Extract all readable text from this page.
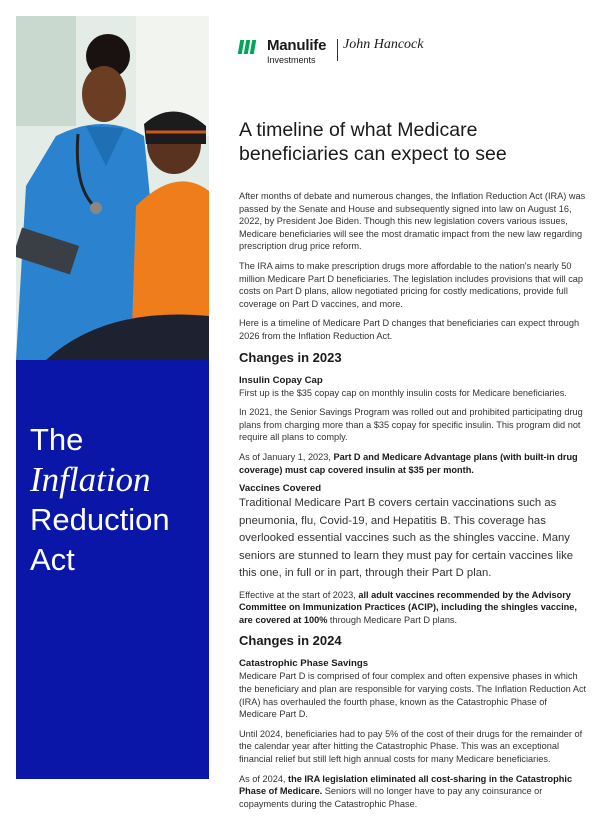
The
Inflation
Reduction
Act
Manulife
Investments
John Hancock
A timeline of what Medicare
beneficiaries can expect to see

After months of debate and numerous changes, the Inflation Reduction Act (IRA) was passed by the Senate and House and subsequently signed into law on August 16, 2022, by President Joe Biden. Though this new legislation covers various issues, Medicare beneficiaries will see the most dramatic impact from the new law regarding prescription drug price reform.

The IRA aims to make prescription drugs more affordable to the nation's nearly 50 million Medicare Part D beneficiaries. The legislation includes provisions that will cap costs on Part D plans, allow negotiated pricing for costly medications, provide full coverage on Part D vaccines, and more.

Here is a timeline of Medicare Part D changes that beneficiaries can expect through 2026 from the Inflation Reduction Act.

Changes in 2023
Insulin Copay Cap

First up is the $35 copay cap on monthly insulin costs for Medicare beneficiaries.

In 2021, the Senior Savings Program was rolled out and prohibited participating drug plans from charging more than a $35 copay for specific insulin. This program did not require all plans to comply.

As of January 1, 2023, Part D and Medicare Advantage plans (with built-in drug coverage) must cap covered insulin at $35 per month.

Vaccines Covered

Traditional Medicare Part B covers certain vaccinations such as pneumonia, flu, Covid-19, and Hepatitis B. This coverage has overlooked essential vaccines such as the shingles vaccine. Many seniors are stunned to learn they must pay for certain vaccines like this one, in full or in part, through their Part D plan.

Effective at the start of 2023, all adult vaccines recommended by the Advisory Committee on Immunization Practices (ACIP), including the shingles vaccine, are covered at 100% through Medicare Part D plans.

Changes in 2024
Catastrophic Phase Savings

Medicare Part D is comprised of four complex and often expensive phases in which the beneficiary and plan are responsible for varying costs. The Inflation Reduction Act (IRA) has overhauled the fourth phase, known as the Catastrophic Phase of Medicare Part D.

Until 2024, beneficiaries had to pay 5% of the cost of their drugs for the remainder of the calendar year after hitting the Catastrophic Phase. This was an exceptional financial relief but still left high annual costs for many Medicare beneficiaries.

As of 2024, the IRA legislation eliminated all cost-sharing in the Catastrophic Phase of Medicare. Seniors will no longer have to pay any coinsurance or copayments during the Catastrophic Phase.
